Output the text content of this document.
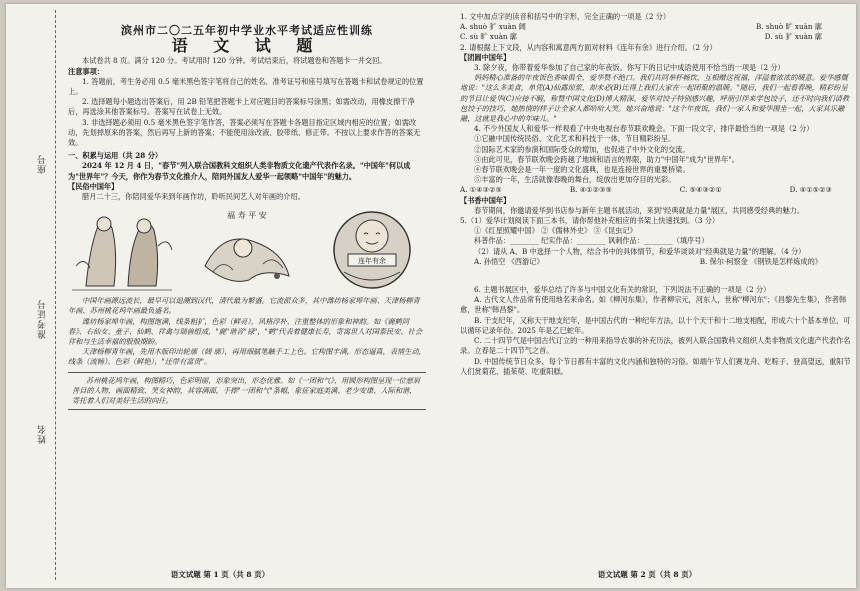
座号
准考证号
姓名
滨州市二〇二五年初中学业水平考试适应性训练
语 文 试 题
本试卷共 8 页。满分 120 分。考试用时 120 分钟。考试结束后，将试题卷和答题卡一并交回。
注意事项：
1. 答题前，考生务必用 0.5 毫米黑色签字笔将自己的姓名、准考证号和座号填写在答题卡和试卷规定的位置上。
2. 选择题每小题选出答案后，用 2B 铅笔把答题卡上对应题目的答案标号涂黑；如需改动，用橡皮擦干净后，再选涂其他答案标号。答案写在试卷上无效。
3. 非选择题必须用 0.5 毫米黑色签字笔作答，答案必须写在答题卡各题目指定区域内相应的位置；如需改动，先划掉原来的答案，然后再写上新的答案；不能使用涂改液、胶带纸、修正带。不按以上要求作答的答案无效。
一、积累与运用（共 28 分）
2024 年 12 月 4 日，"春节"列入联合国教科文组织人类非物质文化遗产代表作名录。"中国年"何以成为"世界年"？今天，你作为春节文化推介人，陪同外国友人爱华一起领略"中国年"的魅力。
【民俗中国年】
腊月二十三，你陪同爱华来到年画作坊，聆听民间艺人对年画的介绍。
福 寿 平 安
连年有余
中国年画源远流长，最早可以追溯到汉代，清代最为繁盛。它流派众多，其中潍坊杨家埠年画、天津杨柳青年画、苏州桃花坞年画最负盛名。
潍坊杨家埠年画，构图饱满，线条粗犷，色彩（鲜亮），风格淳朴，注重整体的形象和神韵。如《鹿鹤同春》、右仙女、童子、仙鹤、祥禽与瑞兽组成，"鹿"谐音"禄"，"鹤"代表着健康长寿，寄寓世人对国泰民安、社会祥和与生活幸福的殷殷期盼。
天津杨柳青年画，先用木版印出轮廓（阔 廓），再用细腻笔触手工上色。它构图丰满，形态逼真，表情生动，线条（流畅）、色彩（鲜艳），"还带有富贵"。
苏州桃花坞年画，构图精巧，色彩明丽，形象突出，形态优雅。如《一团和气》，用圆形构图呈现一位慈眉善目的人物，画面精致、笑女神韵，其容满面，手捧"一团和气"条幅，象征家庭美满、老少安康、人际和谐，寄托着人们对美好生活的向往。
语文试题 第 1 页（共 8 页）
1. 文中加点字的读音和括号中的字形，完全正确的一项是（2 分）
A. shuò 犷 xuàn 阔	B. shuò 旷 xuàn 廓
C. sù 旷 xuàn 廓	D. sù 犷 xuàn 廓
2. 请根据上下文段，从内容和寓意两方面对材料《连年有余》进行介绍。（2 分）
【团圆中国年】
3. 除夕夜，你带着爱华参加了自己家的年夜饭。你写下的日记中成语使用不恰当的一项是（2 分）
妈妈精心准备的年夜饭色香味俱全，爱华赞不绝口。我们共同举杯畅饮，互相赠送祝福，洋溢着浓浓的暖意。爱华感慨地说："这么多美食，单凭(A)仙露琼浆，却未必(B)比得上我们大家在一起团聚的温暖。"随后，我们一起看春晚，精彩纷呈的节目让爱华(C)应接不暇，称赞中国文化(D)博大精深。爱华对饺子特别感兴趣，呼朋引伴来学包饺子，还不时向我们请教包饺子的技巧，她热情的样子让全家人都哈哈大笑。她兴奋地说："这个年夜饭，我们一家人和爱华围坐一起，大家其乐融融，这就是我心中的年味儿。"
4. 不少外国友人和爱华一样观看了中央电视台春节联欢晚会。下面一段文字，排序最恰当的一项是（2 分）
①它融中国传统民俗、文化艺术和科技于一体，节目精彩纷呈。
②国际艺术家的参演和国际受众的增加，也促进了中外文化的交流。
③由此可见，春节联欢晚会跨越了地域和语言的界限，助力"中国年"成为"世界年"。
④春节联欢晚会是一年一度的文化盛典，也是连接世界的重要桥梁。
⑤丰富的一年，生活就像春晚的舞台，绽放出更加夺目的光彩。
A. ①④③②⑤	B. ④①②③⑤	C. ⑤④③②①	D. ④①⑤②③
【书香中国年】
春节期间，你邀请爱华到书店参与新年主题书展活动，来到"经典就是力量"展区，共同感受经典的魅力。
5.（1）爱华计划阅读下面三本书，请你帮他补充相应的书架上快速找到。（3 分）
①《红星照耀中国》 ②《儒林外史》 ③《昆虫记》
科普作品：________ 纪实作品：________ 讽刺作品：________（填序号）
（2）请从 A、B 中选择一个人物，结合书中的具体情节，和爱华谈谈对"经典就是力量"的理解。（4 分）
A. 孙悟空 《西游记》	B. 保尔·柯察金 《钢铁是怎样炼成的》
6. 主题书展区中，爱华总结了许多与中国文化有关的常识，下列说法不正确的一项是（2 分）
A. 古代文人作品常有使用地名来命名。如《柳河东集》，作者柳宗元，河东人，世称"柳河东"；《昌黎先生集》，作者韩愈，世称"韩昌黎"。
B. 干支纪年，又称天干地支纪年，是中国古代的一种纪年方法，以十个天干和十二地支相配，形成六十个基本单位，可以循环记录年份。2025 年是乙巳蛇年。
C. 二十四节气是中国古代订立的一种用来指导农事的补充历法，被列入联合国教科文组织人类非物质文化遗产代表作名录。立春是二十四节气之首。
D. 中国传统节日众多，每个节日都有丰富的文化内涵和独特的习俗。如端午节人们赛龙舟、吃粽子、登高望远，重阳节人们赏菊花、插茱萸、吃重阳糕。
语文试题 第 2 页（共 8 页）
